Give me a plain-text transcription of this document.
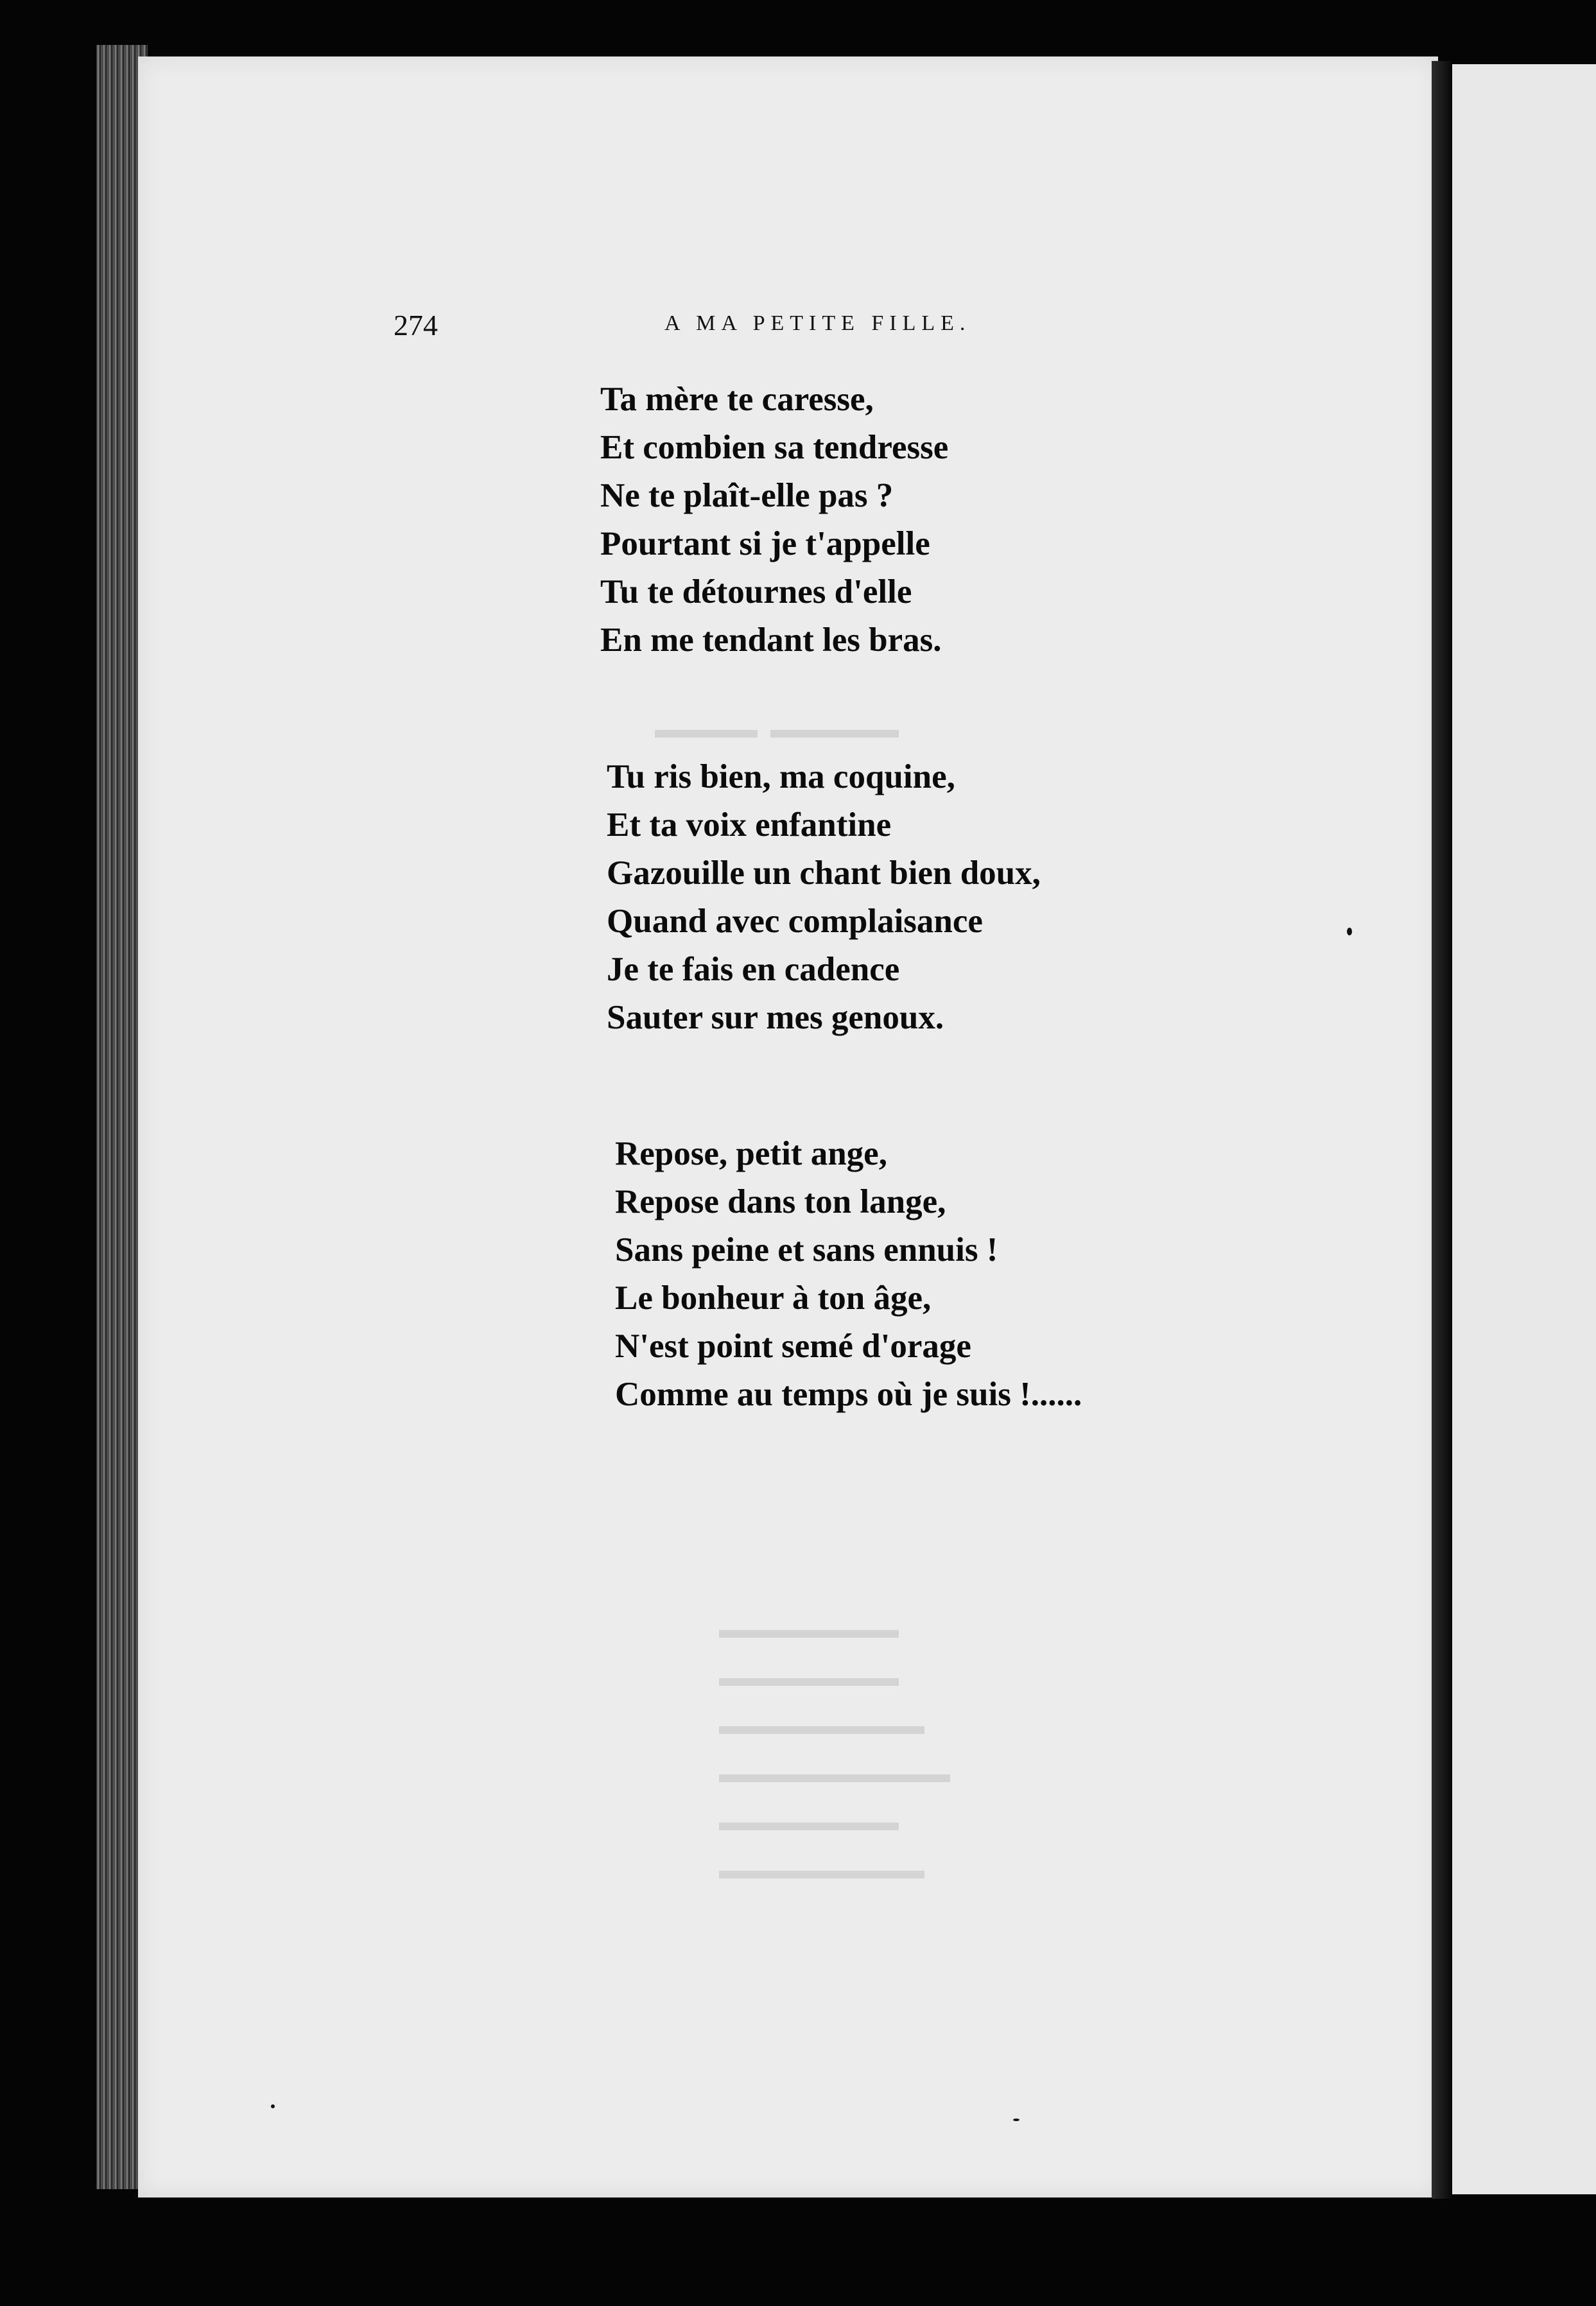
▬▬▬▬  ▬▬▬▬▬
▬▬▬▬▬▬▬
▬▬▬▬▬▬▬
▬▬▬▬▬▬▬▬
▬▬▬▬▬▬▬▬▬
▬▬▬▬▬▬▬
▬▬▬▬▬▬▬▬

274	A MA PETITE FILLE.

Ta mère te caresse,
Et combien sa tendresse
Ne te plaît-elle pas ?
Pourtant si je t'appelle
Tu te détournes d'elle
En me tendant les bras.
Tu ris bien, ma coquine,
Et ta voix enfantine
Gazouille un chant bien doux,
Quand avec complaisance
Je te fais en cadence
Sauter sur mes genoux.
Repose, petit ange,
Repose dans ton lange,
Sans peine et sans ennuis !
Le bonheur à ton âge,
N'est point semé d'orage
Comme au temps où je suis !......
